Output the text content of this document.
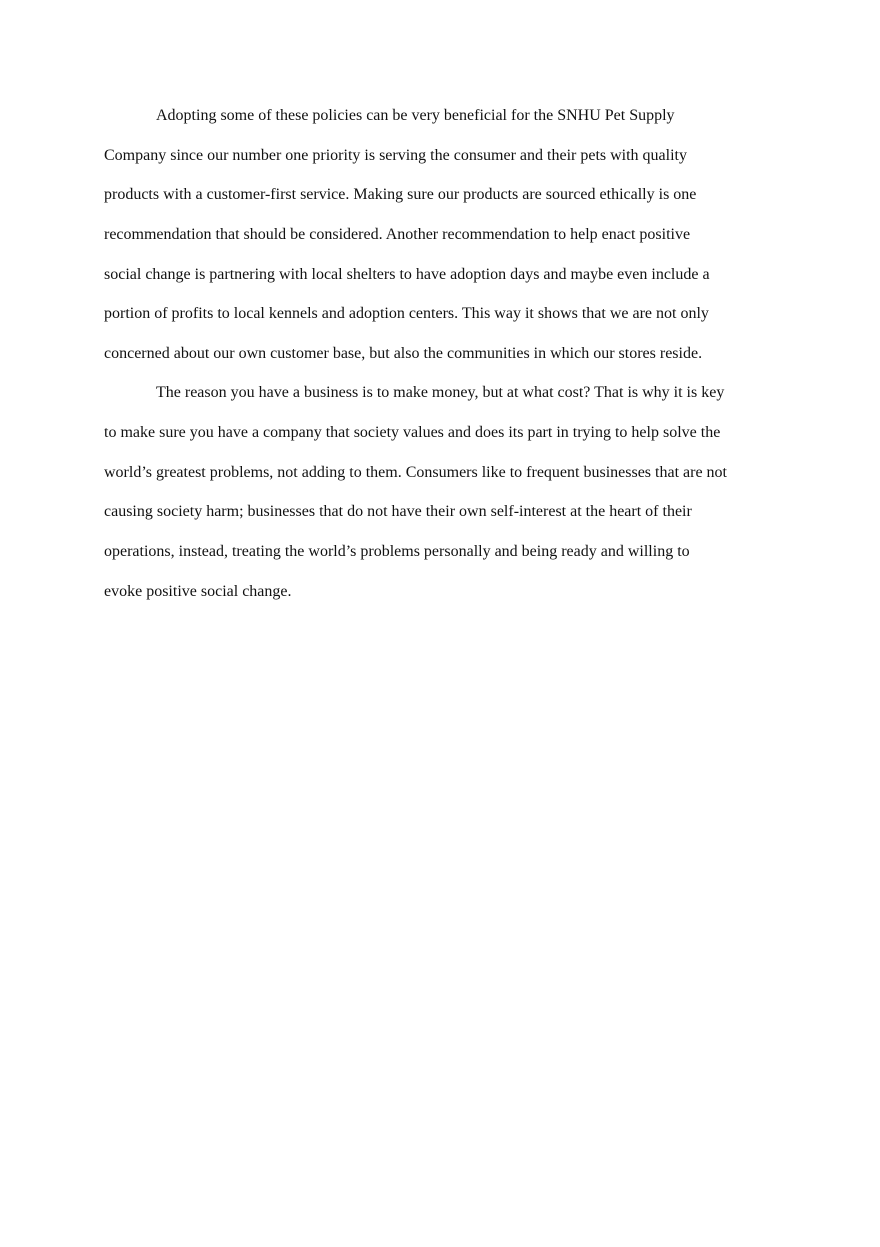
Adopting some of these policies can be very beneficial for the SNHU Pet Supply
Company since our number one priority is serving the consumer and their pets with quality
products with a customer-first service. Making sure our products are sourced ethically is one
recommendation that should be considered. Another recommendation to help enact positive
social change is partnering with local shelters to have adoption days and maybe even include a
portion of profits to local kennels and adoption centers. This way it shows that we are not only
concerned about our own customer base, but also the communities in which our stores reside.
The reason you have a business is to make money, but at what cost? That is why it is key
to make sure you have a company that society values and does its part in trying to help solve the
world’s greatest problems, not adding to them. Consumers like to frequent businesses that are not
causing society harm; businesses that do not have their own self-interest at the heart of their
operations, instead, treating the world’s problems personally and being ready and willing to
evoke positive social change.
